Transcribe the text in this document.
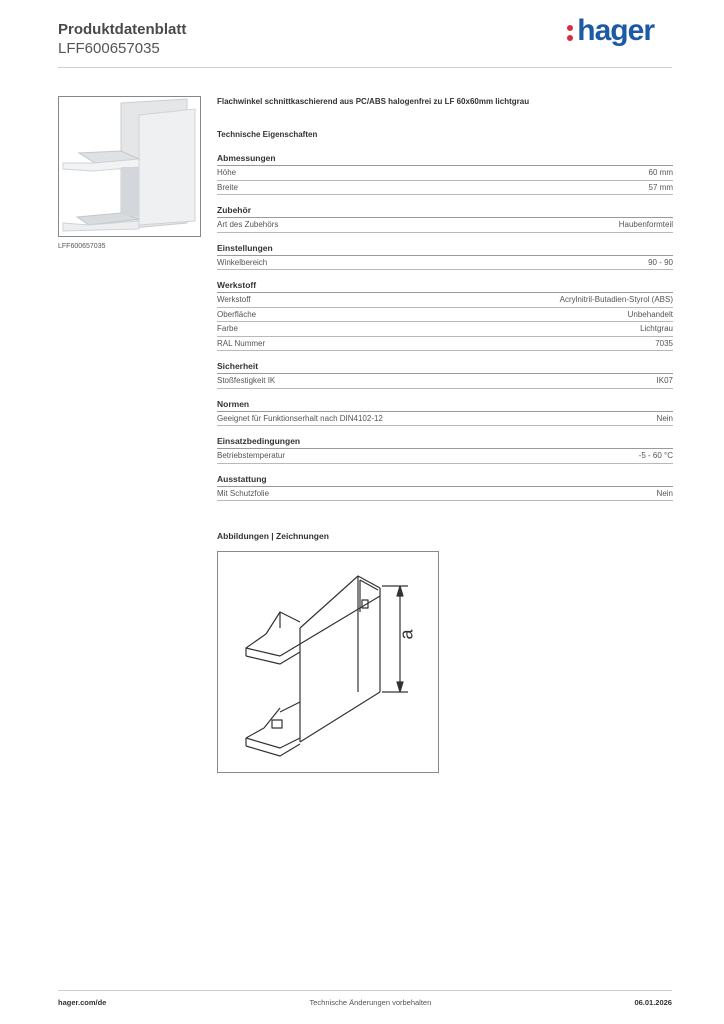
Produktdatenblatt
LFF600657035
hager
LFF600657035
Flachwinkel schnittkaschierend aus PC/ABS halogenfrei zu LF 60x60mm lichtgrau
Technische Eigenschaften
Abmessungen
Höhe	60 mm
Breite	57 mm
Zubehör
Art des Zubehörs	Haubenformteil
Einstellungen
Winkelbereich	90 - 90
Werkstoff
Werkstoff	Acrylnitril-Butadien-Styrol (ABS)
Oberfläche	Unbehandelt
Farbe	Lichtgrau
RAL Nummer	7035
Sicherheit
Stoßfestigkeit IK	IK07
Normen
Geeignet für Funktionserhalt nach DIN4102-12	Nein
Einsatzbedingungen
Betriebstemperatur	-5 - 60 °C
Ausstattung
Mit Schutzfolie	Nein
Abbildungen | Zeichnungen
a
hager.com/de	Technische Änderungen vorbehalten	06.01.2026
